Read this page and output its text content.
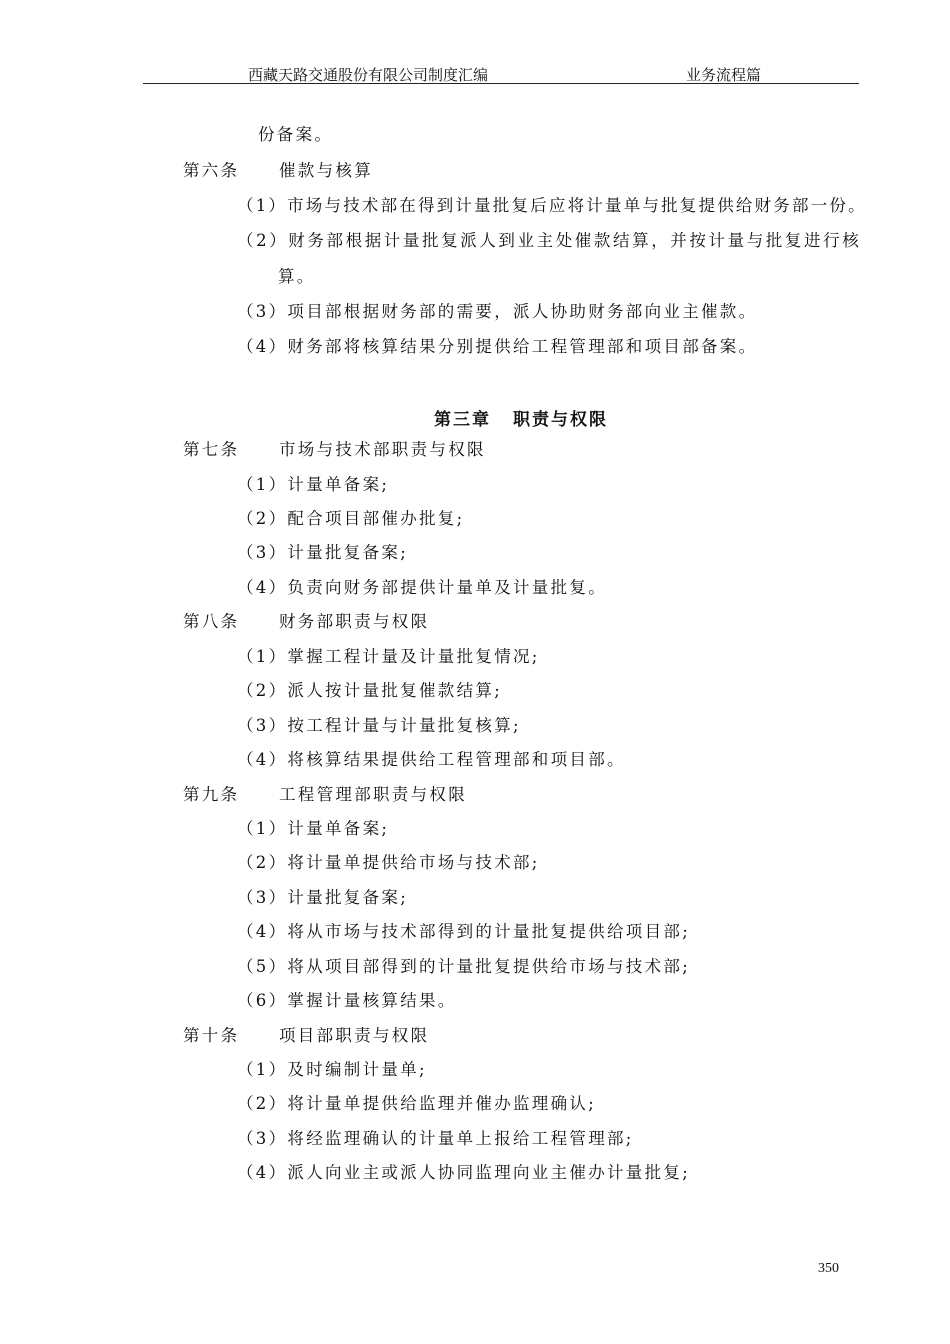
西藏天路交通股份有限公司制度汇编	业务流程篇
份备案。
第六条 催款与核算
（1）市场与技术部在得到计量批复后应将计量单与批复提供给财务部一份。
（2）财务部根据计量批复派人到业主处催款结算，并按计量与批复进行核
算。
（3）项目部根据财务部的需要，派人协助财务部向业主催款。
（4）财务部将核算结果分别提供给工程管理部和项目部备案。
第三章 职责与权限
第七条 市场与技术部职责与权限
（1）计量单备案;
（2）配合项目部催办批复;
（3）计量批复备案;
（4）负责向财务部提供计量单及计量批复。
第八条 财务部职责与权限
（1）掌握工程计量及计量批复情况;
（2）派人按计量批复催款结算;
（3）按工程计量与计量批复核算;
（4）将核算结果提供给工程管理部和项目部。
第九条 工程管理部职责与权限
（1）计量单备案;
（2）将计量单提供给市场与技术部;
（3）计量批复备案;
（4）将从市场与技术部得到的计量批复提供给项目部;
（5）将从项目部得到的计量批复提供给市场与技术部;
（6）掌握计量核算结果。
第十条 项目部职责与权限
（1）及时编制计量单;
（2）将计量单提供给监理并催办监理确认;
（3）将经监理确认的计量单上报给工程管理部;
（4）派人向业主或派人协同监理向业主催办计量批复;
350
